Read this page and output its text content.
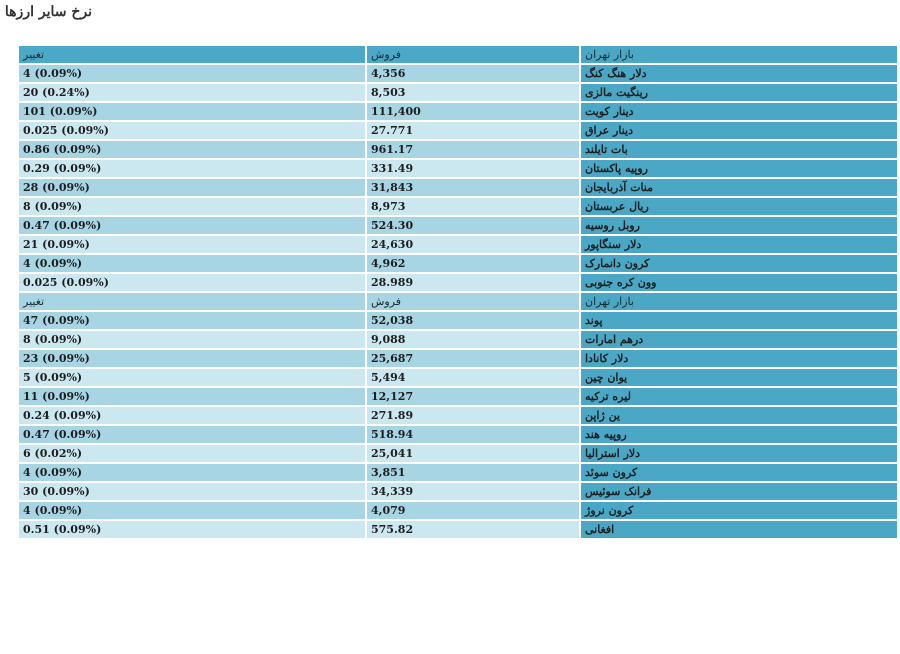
نرخ سایر ارزها
بازار تهران	فروش	تغییر
دلار هنگ کنگ	4,356	4 (0.09%)
رینگیت مالزی	8,503	20 (0.24%)
دینار کویت	111,400	101 (0.09%)
دینار عراق	27.771	0.025 (0.09%)
بات تایلند	961.17	0.86 (0.09%)
روپیه پاکستان	331.49	0.29 (0.09%)
منات آذربایجان	31,843	28 (0.09%)
ریال عربستان	8,973	8 (0.09%)
روبل روسیه	524.30	0.47 (0.09%)
دلار سنگاپور	24,630	21 (0.09%)
کرون دانمارک	4,962	4 (0.09%)
وون کره جنوبی	28.989	0.025 (0.09%)
بازار تهران	فروش	تغییر
پوند	52,038	47 (0.09%)
درهم امارات	9,088	8 (0.09%)
دلار کانادا	25,687	23 (0.09%)
یوان چین	5,494	5 (0.09%)
لیره ترکیه	12,127	11 (0.09%)
ین ژاپن	271.89	0.24 (0.09%)
روپیه هند	518.94	0.47 (0.09%)
دلار استرالیا	25,041	6 (0.02%)
کرون سوئد	3,851	4 (0.09%)
فرانک سوئیس	34,339	30 (0.09%)
کرون نروژ	4,079	4 (0.09%)
افغانی	575.82	0.51 (0.09%)
